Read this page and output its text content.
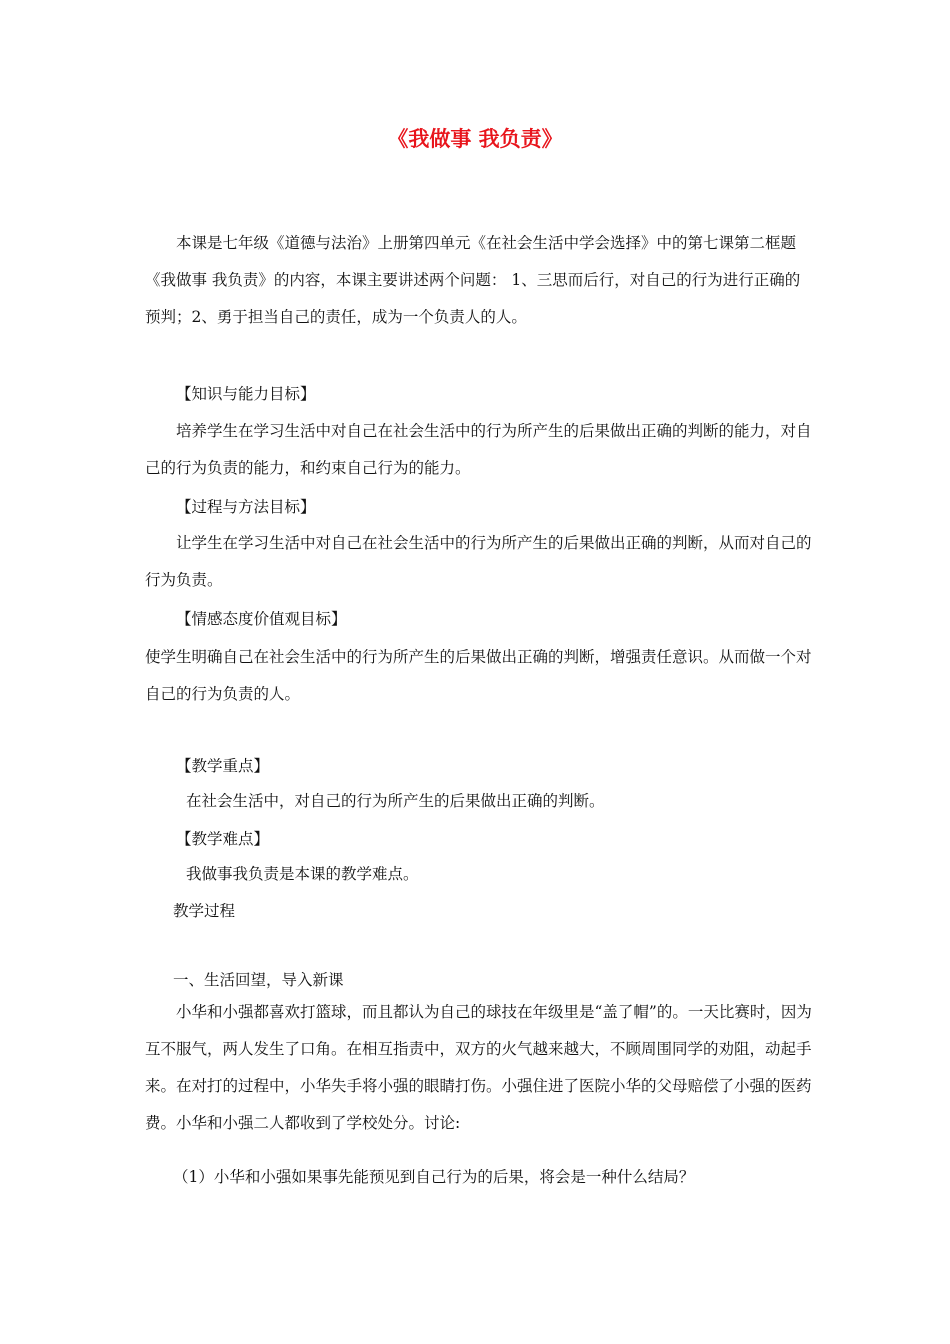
《我做事 我负责》

本课是七年级《道德与法治》上册第四单元《在社会生活中学会选择》中的第七课第二框题《我做事 我负责》的内容，本课主要讲述两个问题： 1、三思而后行，对自己的行为进行正确的预判；2、勇于担当自己的责任，成为一个负责人的人。

【知识与能力目标】

培养学生在学习生活中对自己在社会生活中的行为所产生的后果做出正确的判断的能力，对自己的行为负责的能力，和约束自己行为的能力。

【过程与方法目标】

让学生在学习生活中对自己在社会生活中的行为所产生的后果做出正确的判断，从而对自己的行为负责。

【情感态度价值观目标】

使学生明确自己在社会生活中的行为所产生的后果做出正确的判断，增强责任意识。从而做一个对自己的行为负责的人。

【教学重点】

在社会生活中，对自己的行为所产生的后果做出正确的判断。

【教学难点】

我做事我负责是本课的教学难点。

教学过程

一、生活回望，导入新课

小华和小强都喜欢打篮球，而且都认为自己的球技在年级里是“盖了帽”的。一天比赛时，因为互不服气，两人发生了口角。在相互指责中，双方的火气越来越大，不顾周围同学的劝阻，动起手来。在对打的过程中，小华失手将小强的眼睛打伤。小强住进了医院小华的父母赔偿了小强的医药费。小华和小强二人都收到了学校处分。讨论:

（1）小华和小强如果事先能预见到自己行为的后果，将会是一种什么结局？
